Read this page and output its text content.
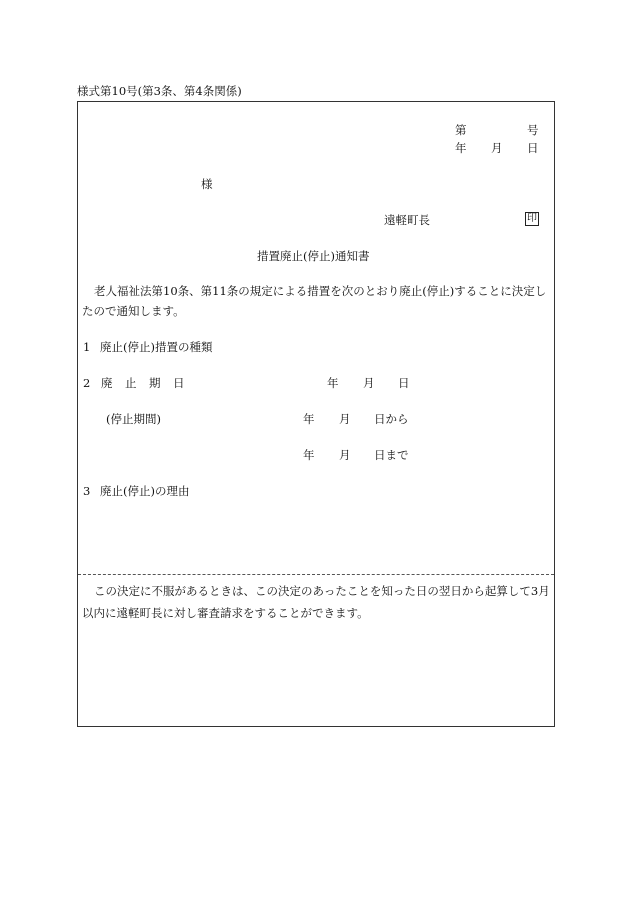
様式第10号(第3条、第4条関係)
第	号
年 月 日
様
遠軽町長	印
措置廃止(停止)通知書
老人福祉法第10条、第11条の規定による措置を次のとおり廃止(停止)することに決定したので通知します。
1 廃止(停止)措置の種類
2 廃 止 期 日	年 月 日
(停止期間)	年 月 日から
年 月 日まで
3 廃止(停止)の理由
この決定に不服があるときは、この決定のあったことを知った日の翌日から起算して3月以内に遠軽町長に対し審査請求をすることができます。
